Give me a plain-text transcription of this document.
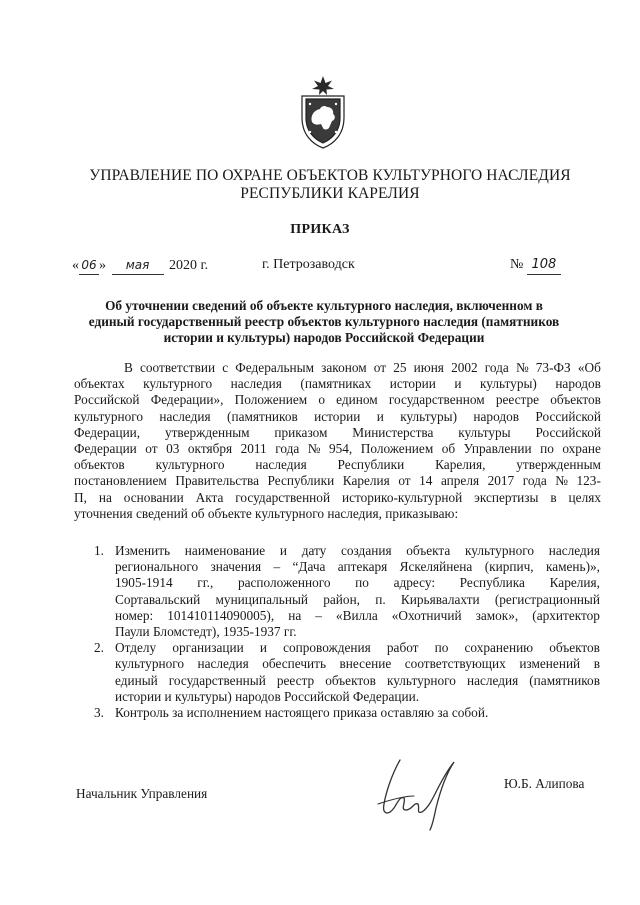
УПРАВЛЕНИЕ ПО ОХРАНЕ ОБЪЕКТОВ КУЛЬТУРНОГО НАСЛЕДИЯ
РЕСПУБЛИКИ КАРЕЛИЯ
ПРИКАЗ
« 06 » мая 2020 г.	г. Петрозаводск	№ 108
Об уточнении сведений об объекте культурного наследия, включенном в
единый государственный реестр объектов культурного наследия (памятников
истории и культуры) народов Российской Федерации
В соответствии с Федеральным законом от 25 июня 2002 года № 73-ФЗ «Об
объектах культурного наследия (памятниках истории и культуры) народов
Российской Федерации», Положением о едином государственном реестре объектов
культурного наследия (памятников истории и культуры) народов Российской
Федерации, утвержденным приказом Министерства культуры Российской
Федерации от 03 октября 2011 года № 954, Положением об Управлении по охране
объектов культурного наследия Республики Карелия, утвержденным
постановлением Правительства Республики Карелия от 14 апреля 2017 года № 123-
П, на основании Акта государственной историко-культурной экспертизы в целях
уточнения сведений об объекте культурного наследия, приказываю:
1. Изменить наименование и дату создания объекта культурного наследия
регионального значения – “Дача аптекаря Яскеляйнена (кирпич, камень)»,
1905-1914 гг., расположенного по адресу: Республика Карелия,
Сортавальский муниципальный район, п. Кирьявалахти (регистрационный
номер: 101410114090005), на – «Вилла «Охотничий замок», (архитектор
Паули Бломстедт), 1935-1937 гг.
2. Отделу организации и сопровождения работ по сохранению объектов
культурного наследия обеспечить внесение соответствующих изменений в
единый государственный реестр объектов культурного наследия (памятников
истории и культуры) народов Российской Федерации.
3. Контроль за исполнением настоящего приказа оставляю за собой.
Начальник Управления
Ю.Б. Алипова
